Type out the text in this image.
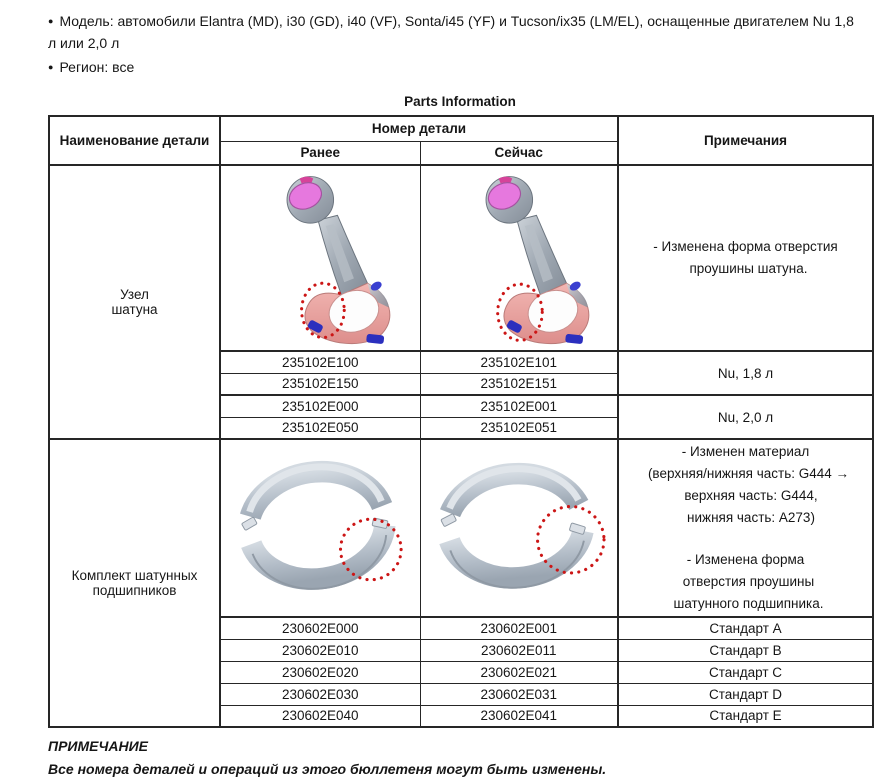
● Модель: автомобили Elantra (MD), i30 (GD), i40 (VF), Sonta/i45 (YF) и Tucson/ix35 (LM/EL), оснащенные двигателем Nu 1,8 л или 2,0 л

● Регион: все

Parts Information
Наименование детали	Номер детали		Примечания
	Ранее	Сейчас	

Узел
шатуна

- Изменена форма отверстия
проушины шатуна.

	235102E100	235102E101	Nu, 1,8 л
	235102E150	235102E151	
	235102E000	235102E001	Nu, 2,0 л
	235102E050	235102E051	

Комплект шатунных
подшипников

- Изменен материал
(верхняя/нижняя часть: G444 →
верхняя часть: G444,
нижняя часть: A273)
- Изменена форма
отверстия проушины
шатунного подшипника.

	230602E000	230602E001	Стандарт A
	230602E010	230602E011	Стандарт B
	230602E020	230602E021	Стандарт C
	230602E030	230602E031	Стандарт D
	230602E040	230602E041	Стандарт E
ПРИМЕЧАНИЕ
Все номера деталей и операций из этого бюллетеня могут быть изменены.
